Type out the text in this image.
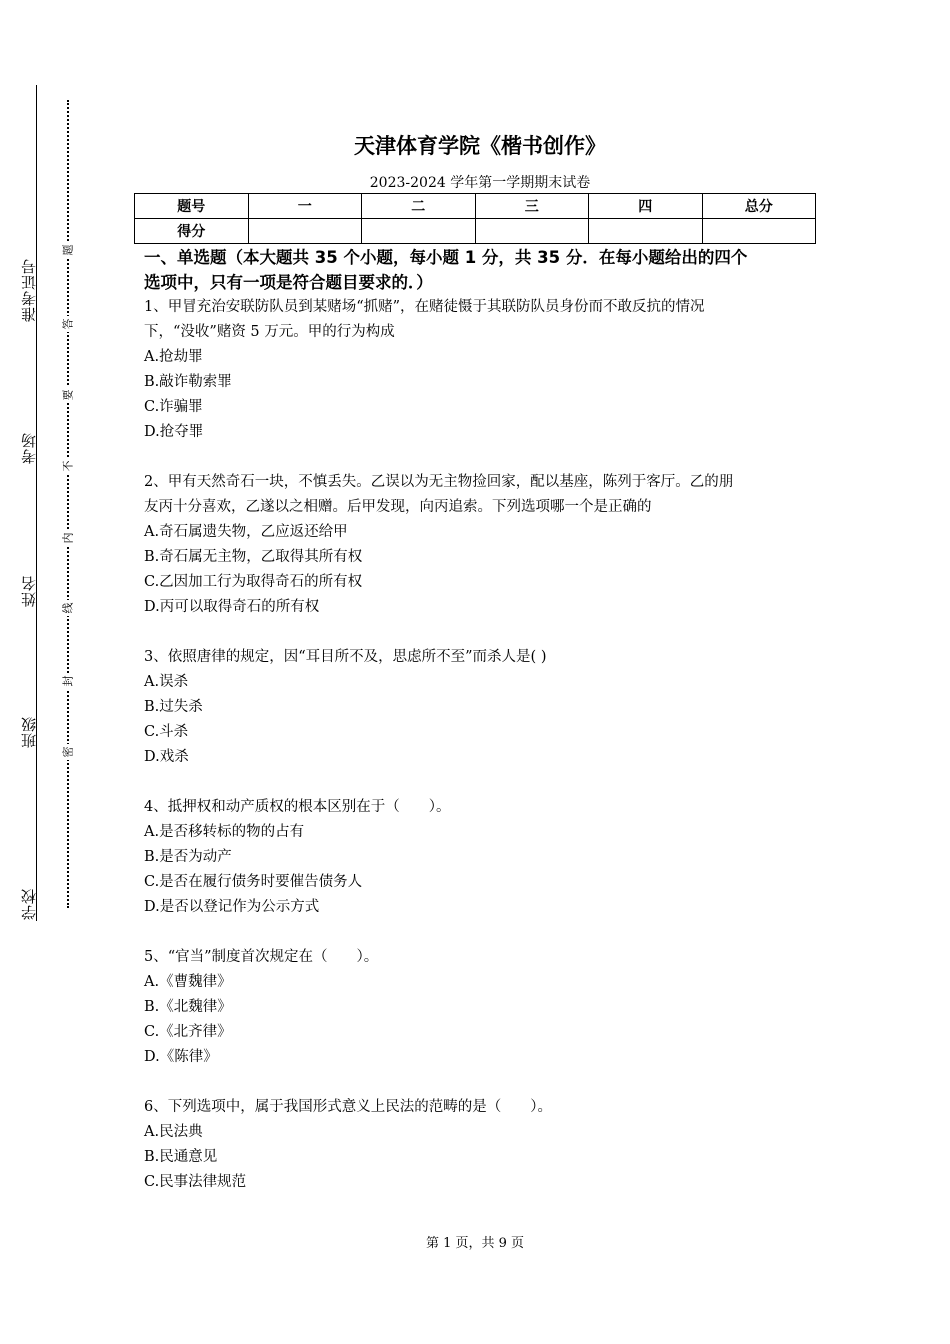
准考证号
考场
姓名
班级
学校
题
答
要
不
内
线
封
密
天津体育学院《楷书创作》
2023-2024 学年第一学期期末试卷
题号	一	二	三	四	总分
得分					
一、单选题（本大题共 35 个小题，每小题 1 分，共 35 分．在每小题给出的四个
选项中，只有一项是符合题目要求的．）
1、甲冒充治安联防队员到某赌场“抓赌”，在赌徒慑于其联防队员身份而不敢反抗的情况
下，“没收”赌资 5 万元。甲的行为构成
A.抢劫罪
B.敲诈勒索罪
C.诈骗罪
D.抢夺罪
2、甲有天然奇石一块，不慎丢失。乙误以为无主物捡回家，配以基座，陈列于客厅。乙的朋
友丙十分喜欢，乙遂以之相赠。后甲发现，向丙追索。下列选项哪一个是正确的
A.奇石属遗失物，乙应返还给甲
B.奇石属无主物，乙取得其所有权
C.乙因加工行为取得奇石的所有权
D.丙可以取得奇石的所有权
3、依照唐律的规定，因“耳目所不及，思虑所不至”而杀人是( )
A.误杀
B.过失杀
C.斗杀
D.戏杀
4、抵押权和动产质权的根本区别在于（　　）。
A.是否移转标的物的占有
B.是否为动产
C.是否在履行债务时要催告债务人
D.是否以登记作为公示方式
5、“官当”制度首次规定在（　　）。
A.《曹魏律》
B.《北魏律》
C.《北齐律》
D.《陈律》
6、下列选项中，属于我国形式意义上民法的范畴的是（　　）。
A.民法典
B.民通意见
C.民事法律规范
第 1 页，共 9 页
